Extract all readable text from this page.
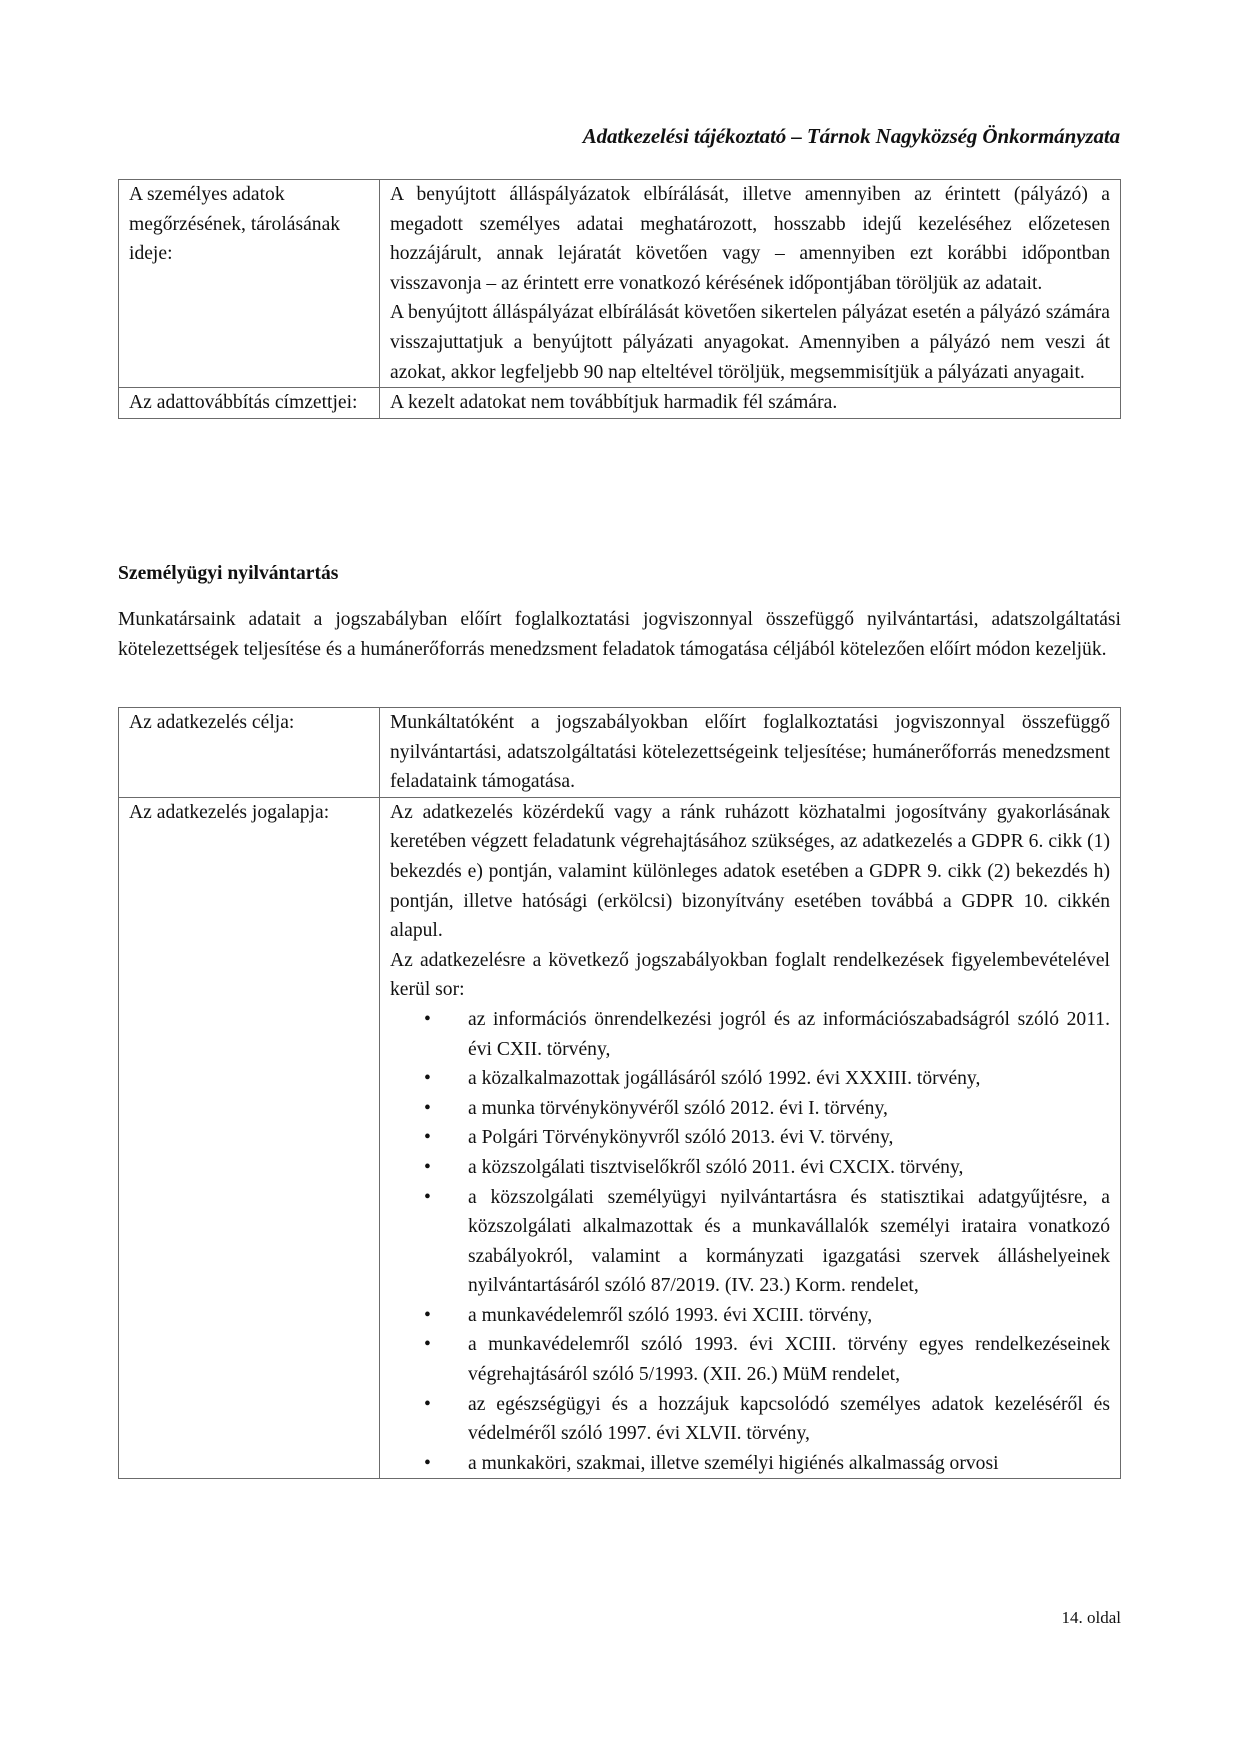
Adatkezelési tájékoztató – Tárnok Nagyközség Önkormányzata
A személyes adatok megőrzésének, tárolásának ideje:	A benyújtott álláspályázatok elbírálását, illetve amennyiben az érintett (pályázó) a megadott személyes adatai meghatározott, hosszabb idejű kezeléséhez előzetesen hozzájárult, annak lejáratát követően vagy – amennyiben ezt korábbi időpontban visszavonja – az érintett erre vonatkozó kérésének időpontjában töröljük az adatait.

A benyújtott álláspályázat elbírálását követően sikertelen pályázat esetén a pályázó számára visszajuttatjuk a benyújtott pályázati anyagokat. Amennyiben a pályázó nem veszi át azokat, akkor legfeljebb 90 nap elteltével töröljük, megsemmisítjük a pályázati anyagait.

Az adattovábbítás címzettjei:	A kezelt adatokat nem továbbítjuk harmadik fél számára.

Személyügyi nyilvántartás
Munkatársaink adatait a jogszabályban előírt foglalkoztatási jogviszonnyal összefüggő nyilvántartási, adatszolgáltatási kötelezettségek teljesítése és a humánerőforrás menedzsment feladatok támogatása céljából kötelezően előírt módon kezeljük.
Az adatkezelés célja:	Munkáltatóként a jogszabályokban előírt foglalkoztatási jogviszonnyal összefüggő nyilvántartási, adatszolgáltatási kötelezettségeink teljesítése; humánerőforrás menedzsment feladataink támogatása.
Az adatkezelés jogalapja:	Az adatkezelés közérdekű vagy a ránk ruházott közhatalmi jogosítvány gyakorlásának keretében végzett feladatunk végrehajtásához szükséges, az adatkezelés a GDPR 6. cikk (1) bekezdés e) pontján, valamint különleges adatok esetében a GDPR 9. cikk (2) bekezdés h) pontján, illetve hatósági (erkölcsi) bizonyítvány esetében továbbá a GDPR 10. cikkén alapul.

Az adatkezelésre a következő jogszabályokban foglalt rendelkezések figyelembevételével kerül sor:

• az információs önrendelkezési jogról és az információszabadságról szóló 2011. évi CXII. törvény,
• a közalkalmazottak jogállásáról szóló 1992. évi XXXIII. törvény,
• a munka törvénykönyvéről szóló 2012. évi I. törvény,
• a Polgári Törvénykönyvről szóló 2013. évi V. törvény,
• a közszolgálati tisztviselőkről szóló 2011. évi CXCIX. törvény,
• a közszolgálati személyügyi nyilvántartásra és statisztikai adatgyűjtésre, a közszolgálati alkalmazottak és a munkavállalók személyi irataira vonatkozó szabályokról, valamint a kormányzati igazgatási szervek álláshelyeinek nyilvántartásáról szóló 87/2019. (IV. 23.) Korm. rendelet,
• a munkavédelemről szóló 1993. évi XCIII. törvény,
• a munkavédelemről szóló 1993. évi XCIII. törvény egyes rendelkezéseinek végrehajtásáról szóló 5/1993. (XII. 26.) MüM rendelet,
• az egészségügyi és a hozzájuk kapcsolódó személyes adatok kezeléséről és védelméről szóló 1997. évi XLVII. törvény,
• a munkaköri, szakmai, illetve személyi higiénés alkalmasság orvosi
14. oldal
